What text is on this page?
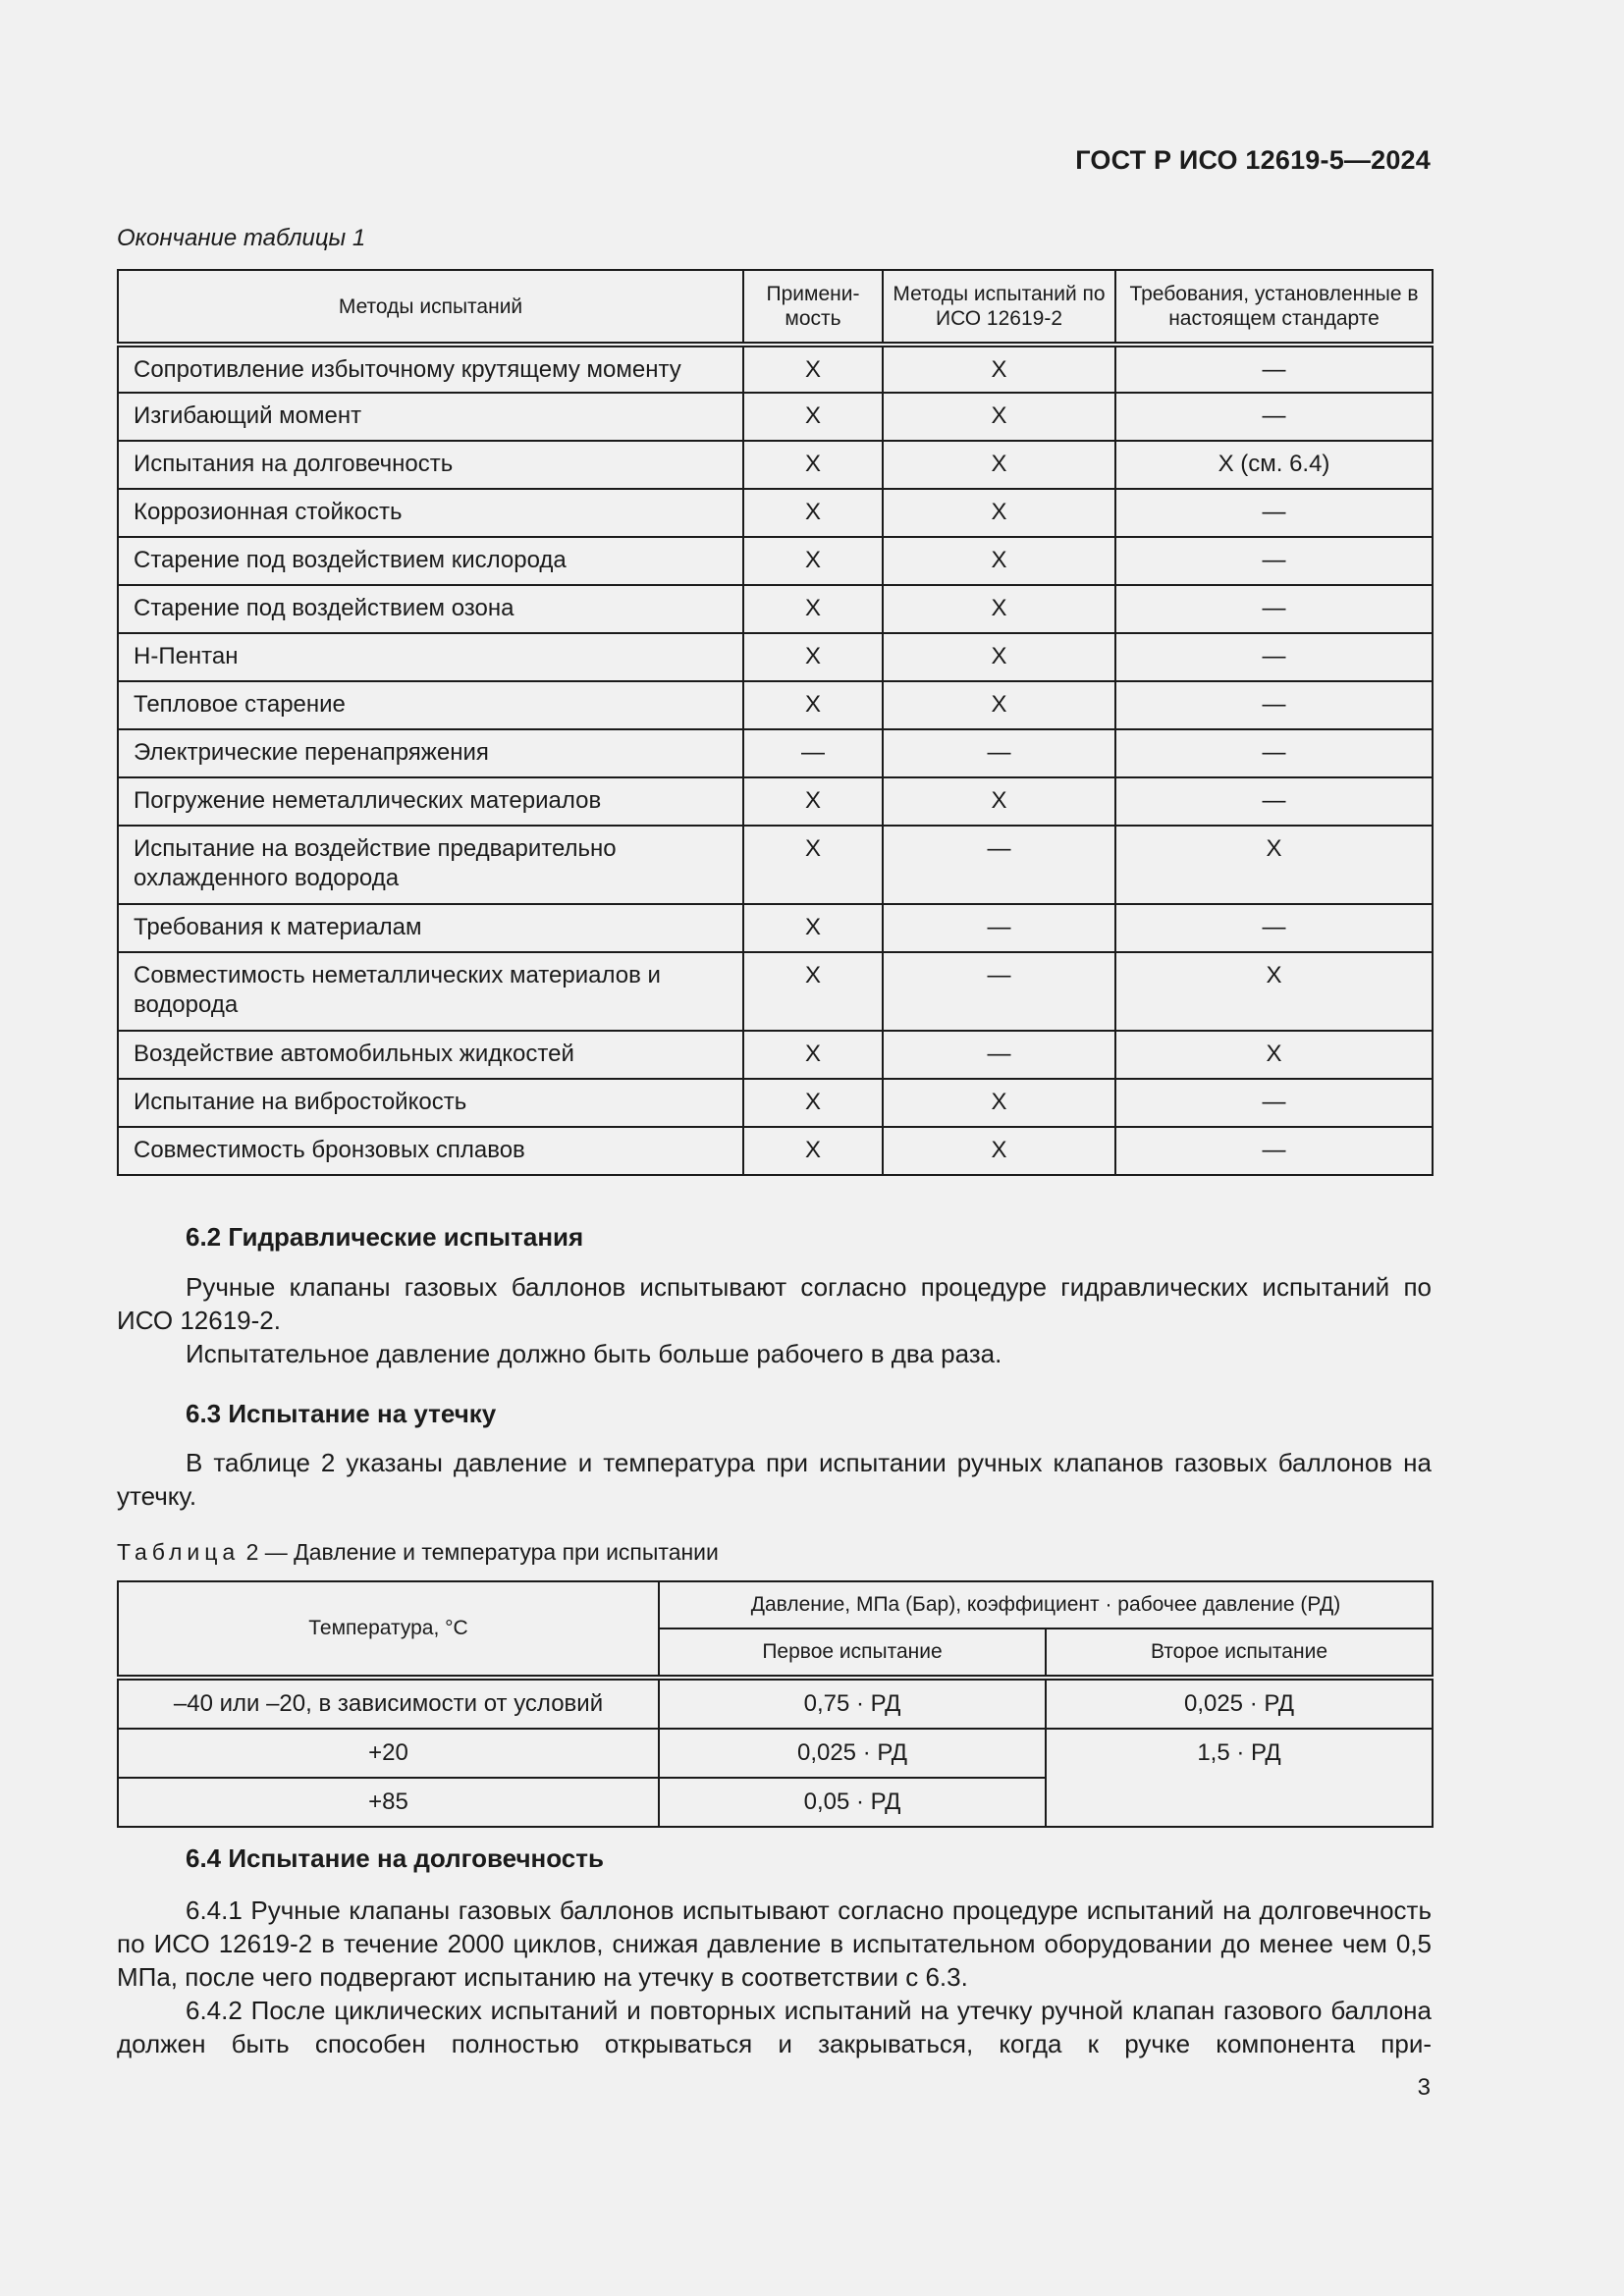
ГОСТ Р ИСО 12619-5—2024
Окончание таблицы 1
Методы испытаний	Примени-мость	Методы испытаний по ИСО 12619-2	Требования, установленные в настоящем стандарте
Сопротивление избыточному крутящему моменту	X	X	—
Изгибающий момент	X	X	—
Испытания на долговечность	X	X	X (см. 6.4)
Коррозионная стойкость	X	X	—
Старение под воздействием кислорода	X	X	—
Старение под воздействием озона	X	X	—
Н-Пентан	X	X	—
Тепловое старение	X	X	—
Электрические перенапряжения	—	—	—
Погружение неметаллических материалов	X	X	—
Испытание на воздействие предварительно охлажденного водорода	X	—	X
Требования к материалам	X	—	—
Совместимость неметаллических материалов и водорода	X	—	X
Воздействие автомобильных жидкостей	X	—	X
Испытание на вибростойкость	X	X	—
Совместимость бронзовых сплавов	X	X	—
6.2 Гидравлические испытания

Ручные клапаны газовых баллонов испытывают согласно процедуре гидравлических испытаний по ИСО 12619-2.

Испытательное давление должно быть больше рабочего в два раза.

6.3 Испытание на утечку

В таблице 2 указаны давление и температура при испытании ручных клапанов газовых баллонов на утечку.

Таблица 2 — Давление и температура при испытании
Температура, °С	Давление, МПа (Бар), коэффициент · рабочее давление (РД)	
	Первое испытание	Второе испытание
–40 или –20, в зависимости от условий	0,75 · РД	0,025 · РД
+20	0,025 · РД	1,5 · РД
+85	0,05 · РД	
6.4 Испытание на долговечность

6.4.1 Ручные клапаны газовых баллонов испытывают согласно процедуре испытаний на долговечность по ИСО 12619-2 в течение 2000 циклов, снижая давление в испытательном оборудовании до менее чем 0,5 МПа, после чего подвергают испытанию на утечку в соответствии с 6.3.

6.4.2 После циклических испытаний и повторных испытаний на утечку ручной клапан газового баллона должен быть способен полностью открываться и закрываться, когда к ручке компонента при-

3
